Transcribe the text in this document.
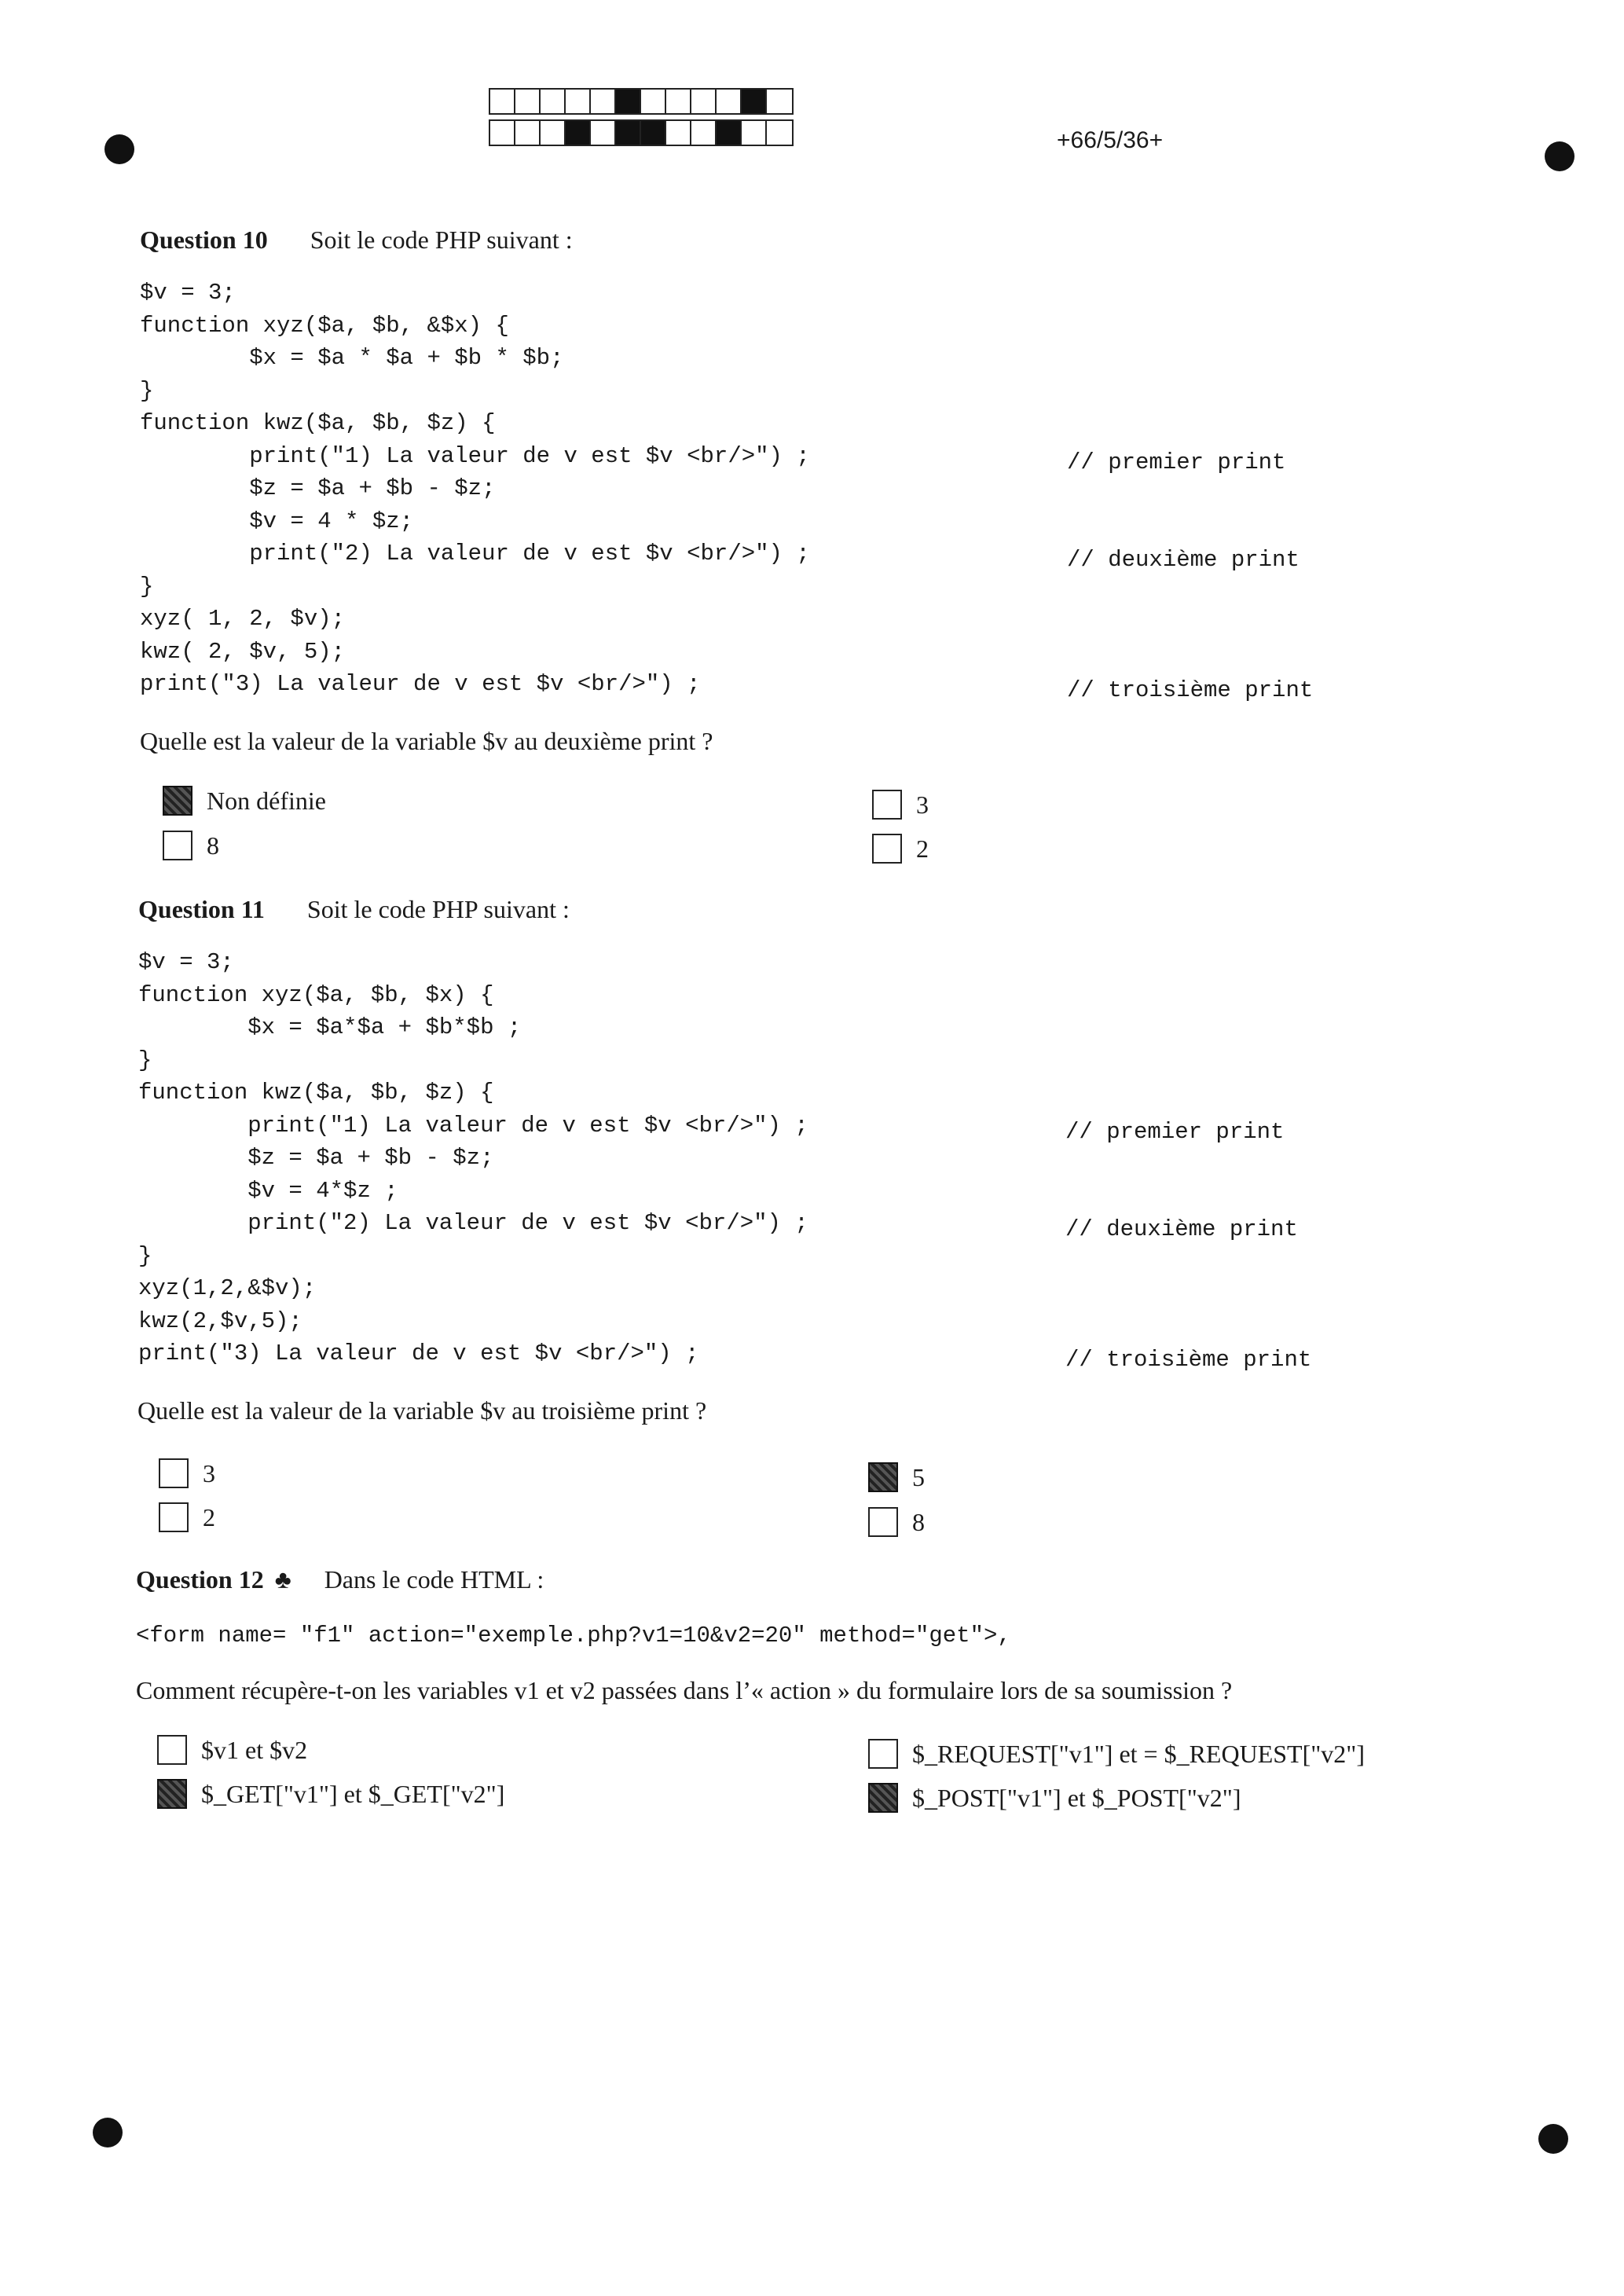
+66/5/36+
Question 10 Soit le code PHP suivant :
$v = 3;
function xyz($a, $b, &$x) {
$x = $a * $a + $b * $b;
}
function kwz($a, $b, $z) {
print("1) La valeur de v est $v <br/>") ;
$z = $a + $b - $z;
$v = 4 * $z;
print("2) La valeur de v est $v <br/>") ;
}
xyz( 1, 2, $v);
kwz( 2, $v, 5);
print("3) La valeur de v est $v <br/>") ;
// premier print
// deuxième print
// troisième print
Quelle est la valeur de la variable $v au deuxième print ?
Non définie
8
3
2
Question 11 Soit le code PHP suivant :
$v = 3;
function xyz($a, $b, $x) {
$x = $a*$a + $b*$b ;
}
function kwz($a, $b, $z) {
print("1) La valeur de v est $v <br/>") ;
$z = $a + $b - $z;
$v = 4*$z ;
print("2) La valeur de v est $v <br/>") ;
}
xyz(1,2,&$v);
kwz(2,$v,5);
print("3) La valeur de v est $v <br/>") ;
// premier print
// deuxième print
// troisième print
Quelle est la valeur de la variable $v au troisième print ?
3
2
5
8
Question 12 ♣ Dans le code HTML :
<form name= "f1" action="exemple.php?v1=10&v2=20" method="get">,
Comment récupère-t-on les variables v1 et v2 passées dans l’« action » du formulaire lors de sa soumission ?
$v1 et $v2
$_GET["v1"] et $_GET["v2"]
$_REQUEST["v1"] et = $_REQUEST["v2"]
$_POST["v1"] et $_POST["v2"]
